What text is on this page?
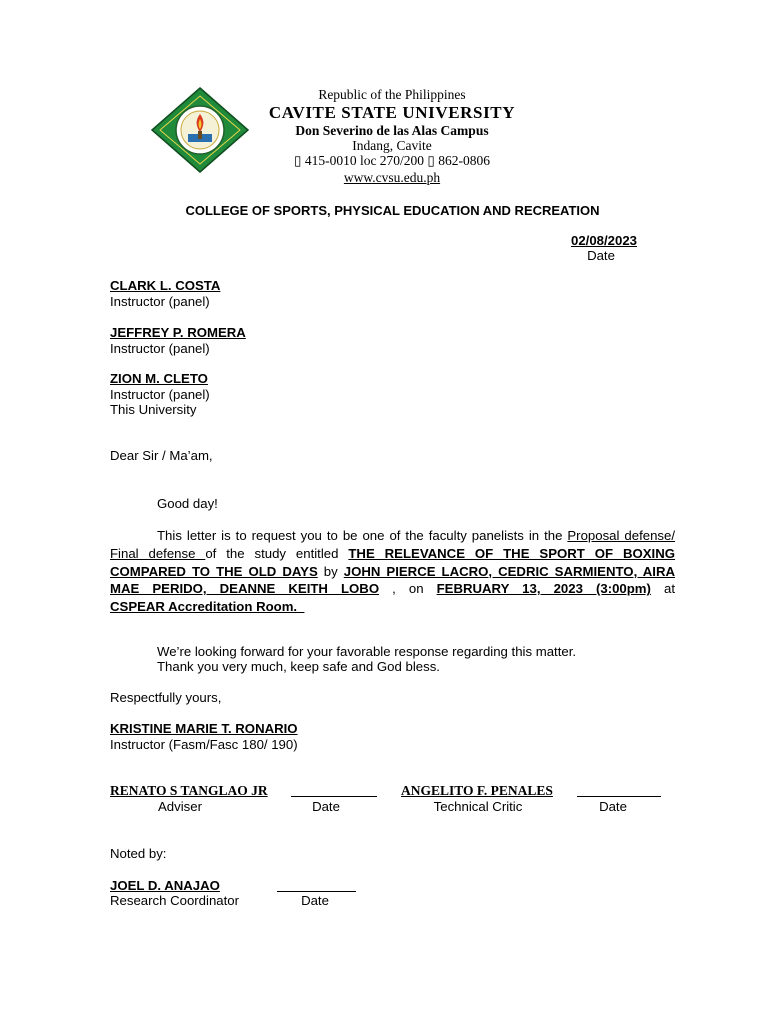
Republic of the Philippines
CAVITE STATE UNIVERSITY
Don Severino de las Alas Campus
Indang, Cavite
▯ 415-0010 loc 270/200 ▯ 862-0806
www.cvsu.edu.ph
COLLEGE OF SPORTS, PHYSICAL EDUCATION AND RECREATION
02/08/2023
Date
CLARK L. COSTA
Instructor (panel)
JEFFREY P. ROMERA
Instructor (panel)
ZION M. CLETO
Instructor (panel)
This University
Dear Sir / Ma’am,
Good day!
This letter is to request you to be one of the faculty panelists in the Proposal defense/ Final defense of the study entitled THE RELEVANCE OF THE SPORT OF BOXING COMPARED TO THE OLD DAYS by JOHN PIERCE LACRO, CEDRIC SARMIENTO, AIRA MAE PERIDO, DEANNE KEITH LOBO , on FEBRUARY 13, 2023 (3:00pm) at CSPEAR Accreditation Room.
We’re looking forward for your favorable response regarding this matter.
Thank you very much, keep safe and God bless.
Respectfully yours,
KRISTINE MARIE T. RONARIO
Instructor (Fasm/Fasc 180/ 190)
RENATO S TANGLAO JR
Adviser	Date
ANGELITO F. PENALES
Technical Critic	Date
Noted by:
JOEL D. ANAJAO
Research Coordinator	Date
